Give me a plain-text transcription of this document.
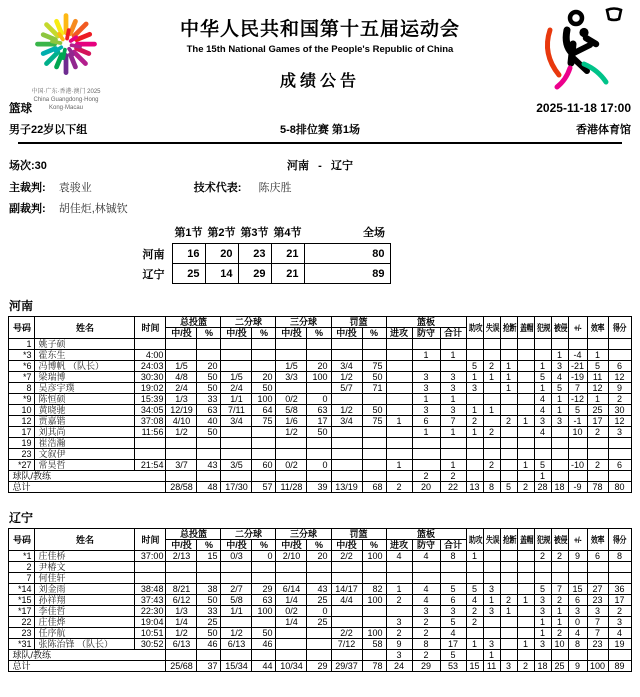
中国·广东·香港·澳门 2025
China Guangdong·Hong Kong·Macau
中华人民共和国第十五届运动会
The 15th National Games of the People's Republic of China
成绩公告
篮球	2025-11-18 17:00
男子22岁以下组	5-8排位赛 第1场	香港体育馆
场次:30	河南 - 辽宁
主裁判: 袁骏业	技术代表: 陈庆胜
副裁判: 胡佳炬,林铖钦
	第1节	第2节	第3节	第4节	全场
河南	16	20	23	21	80
辽宁	25	14	29	21	89
河南
号码	姓名	时间	总投篮		二分球		三分球		罚篮		篮板			助攻	失误	抢断	盖帽	犯规	被侵	+/-	效率	得分
			中/投	%	中/投	%	中/投	%	中/投	%	进攻	防守	合计									
1	姚子硕																					
*3	霍东生	4:00										1	1						1	-4	1	
*6	冯博帆 （队长）	24:03	1/5	20			1/5	20	3/4	75				5	2	1		1	3	-21	5	6
*7	梁瑞博	30:30	4/8	50	1/5	20	3/3	100	1/2	50		3	3	1	1	1		5	4	-19	11	12
8	吴彦宇璞	19:02	2/4	50	2/4	50			5/7	71		3	3	3		1		1	5	7	12	9
*9	陈恒硕	15:39	1/3	33	1/1	100	0/2	0				1	1					4	1	-12	1	2
10	黄晓驰	34:05	12/19	63	7/11	64	5/8	63	1/2	50		3	3	1	1			4	1	5	25	30
12	贾嘉锴	37:08	4/10	40	3/4	75	1/6	17	3/4	75	1	6	7	2		2	1	3	3	-1	17	12
17	刘其尚	11:56	1/2	50			1/2	50				1	1	1	2			4		10	2	3
19	崔浩瀚																					
23	文叙伊																					
*27	常昊哲	21:54	3/7	43	3/5	60	0/2	0			1		1		2		1	5		-10	2	6
球队/教练												2	2					1				
总计			28/58	48	17/30	57	11/28	39	13/19	68	2	20	22	13	8	5	2	28	18	-9	78	80
辽宁
号码	姓名	时间	总投篮		二分球		三分球		罚篮		篮板			助攻	失误	抢断	盖帽	犯规	被侵	+/-	效率	得分
			中/投	%	中/投	%	中/投	%	中/投	%	进攻	防守	合计									
*1	庄佳桥	37:00	2/13	15	0/3	0	2/10	20	2/2	100	4	4	8	1				2	2	9	6	8
2	尹椿文																					
7	何佳轩																					
*14	刘金雨	38:48	8/21	38	2/7	29	6/14	43	14/17	82	1	4	5	5	3			5	7	15	27	36
*15	孙祥翔	37:43	6/12	50	5/8	63	1/4	25	4/4	100	2	4	6	4	1	2	1	3	2	6	23	17
*17	李佳哲	22:30	1/3	33	1/1	100	0/2	0				3	3	2	3	1		3	1	3	3	2
22	庄佳烨	19:04	1/4	25			1/4	25			3	2	5	2				1	1	0	7	3
23	任序航	10:51	1/2	50	1/2	50			2/2	100	2	2	4					1	2	4	7	4
*31	张陈治锋 （队长）	30:52	6/13	46	6/13	46			7/12	58	9	8	17	1	3		1	3	10	8	23	19
球队/教练											3	2	5		1							
总计			25/68	37	15/34	44	10/34	29	29/37	78	24	29	53	15	11	3	2	18	25	9	100	89
